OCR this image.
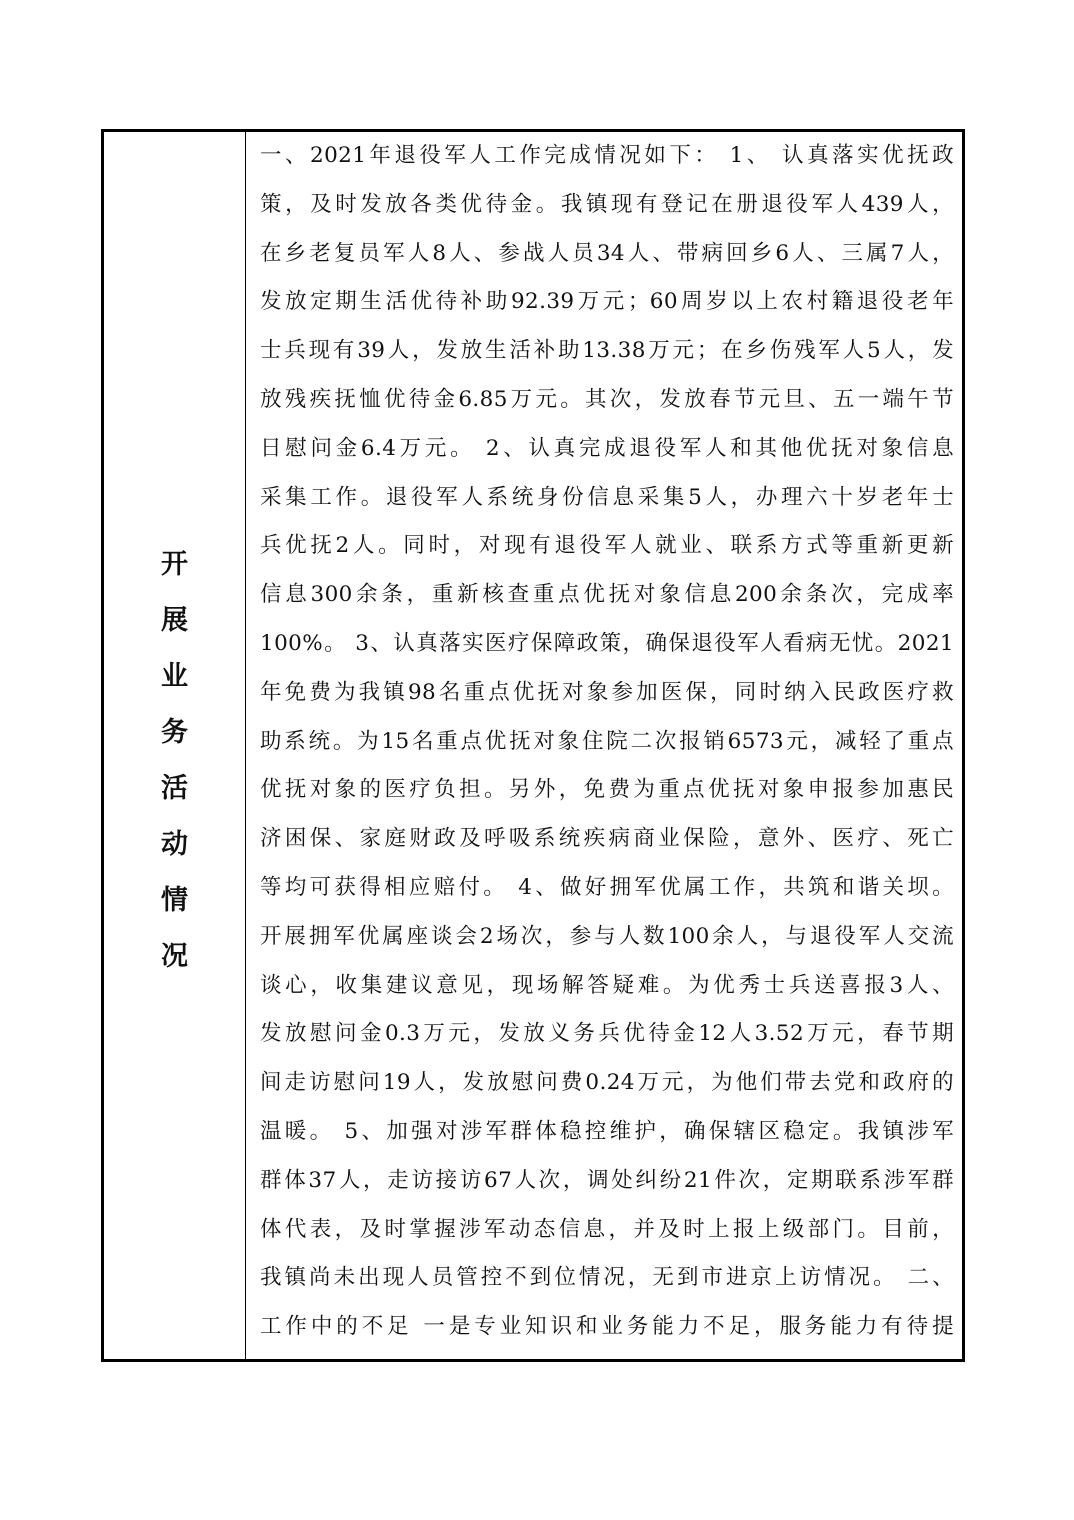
开
展
业
务
活
动
情
况
一、2021年退役军人工作完成情况如下： 1、 认真落实优抚政
策，及时发放各类优待金。我镇现有登记在册退役军人439人，
在乡老复员军人8人、参战人员34人、带病回乡6人、三属7人，
发放定期生活优待补助92.39万元；60周岁以上农村籍退役老年
士兵现有39人，发放生活补助13.38万元；在乡伤残军人5人，发
放残疾抚恤优待金6.85万元。其次，发放春节元旦、五一端午节
日慰问金6.4万元。 2、认真完成退役军人和其他优抚对象信息
采集工作。退役军人系统身份信息采集5人，办理六十岁老年士
兵优抚2人。同时，对现有退役军人就业、联系方式等重新更新
信息300余条，重新核查重点优抚对象信息200余条次，完成率
100%。 3、认真落实医疗保障政策，确保退役军人看病无忧。2021
年免费为我镇98名重点优抚对象参加医保，同时纳入民政医疗救
助系统。为15名重点优抚对象住院二次报销6573元，减轻了重点
优抚对象的医疗负担。另外，免费为重点优抚对象申报参加惠民
济困保、家庭财政及呼吸系统疾病商业保险，意外、医疗、死亡
等均可获得相应赔付。 4、做好拥军优属工作，共筑和谐关坝。
开展拥军优属座谈会2场次，参与人数100余人，与退役军人交流
谈心，收集建议意见，现场解答疑难。为优秀士兵送喜报3人、
发放慰问金0.3万元，发放义务兵优待金12人3.52万元，春节期
间走访慰问19人，发放慰问费0.24万元，为他们带去党和政府的
温暖。 5、加强对涉军群体稳控维护，确保辖区稳定。我镇涉军
群体37人，走访接访67人次，调处纠纷21件次，定期联系涉军群
体代表，及时掌握涉军动态信息，并及时上报上级部门。目前，
我镇尚未出现人员管控不到位情况，无到市进京上访情况。 二、
工作中的不足 一是专业知识和业务能力不足，服务能力有待提
